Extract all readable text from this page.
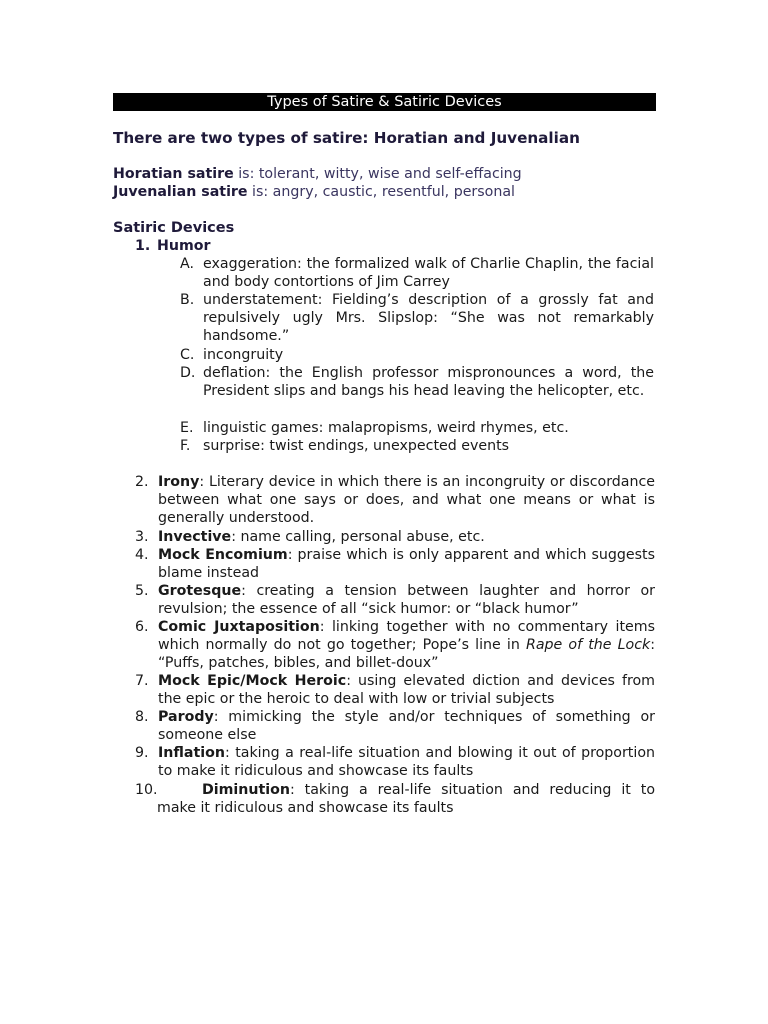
Types of Satire & Satiric Devices
There are two types of satire: Horatian and Juvenalian
Horatian satire is: tolerant, witty, wise and self-effacing
Juvenalian satire is: angry, caustic, resentful, personal
Satiric Devices
1. Humor
A. exaggeration: the formalized walk of Charlie Chaplin, the facial and body contortions of Jim Carrey
B. understatement: Fielding’s description of a grossly fat and repulsively ugly Mrs. Slipslop: “She was not remarkably handsome.”
C. incongruity
D. deflation: the English professor mispronounces a word, the President slips and bangs his head leaving the helicopter, etc.
E. linguistic games: malapropisms, weird rhymes, etc.
F. surprise: twist endings, unexpected events
2. Irony: Literary device in which there is an incongruity or discordance between what one says or does, and what one means or what is generally understood.
3. Invective: name calling, personal abuse, etc.
4. Mock Encomium: praise which is only apparent and which suggests blame instead
5. Grotesque: creating a tension between laughter and horror or revulsion; the essence of all “sick humor: or “black humor”
6. Comic Juxtaposition: linking together with no commentary items which normally do not go together; Pope’s line in Rape of the Lock: “Puffs, patches, bibles, and billet-doux”
7. Mock Epic/Mock Heroic: using elevated diction and devices from the epic or the heroic to deal with low or trivial subjects
8. Parody: mimicking the style and/or techniques of something or someone else
9. Inflation: taking a real-life situation and blowing it out of proportion to make it ridiculous and showcase its faults
10.	Diminution: taking a real-life situation and reducing it to make it ridiculous and showcase its faults
